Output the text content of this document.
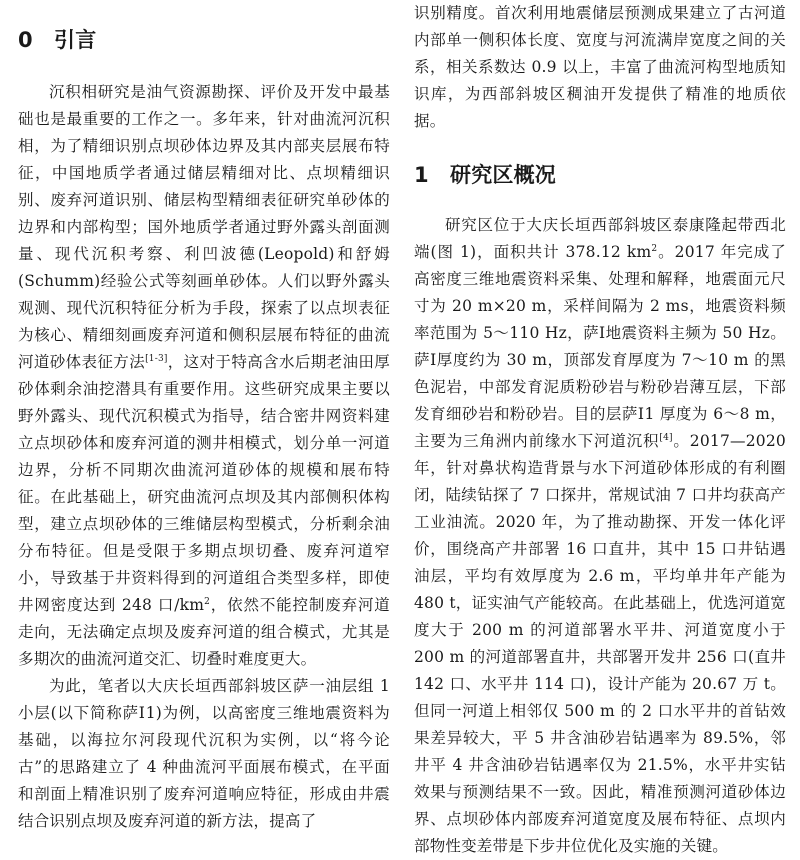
0 引言

沉积相研究是油气资源勘探、评价及开发中最基础也是最重要的工作之一。多年来，针对曲流河沉积相，为了精细识别点坝砂体边界及其内部夹层展布特征，中国地质学者通过储层精细对比、点坝精细识别、废弃河道识别、储层构型精细表征研究单砂体的边界和内部构型；国外地质学者通过野外露头剖面测量、现代沉积考察、利凹波德(Leopold)和舒姆(Schumm)经验公式等刻画单砂体。人们以野外露头观测、现代沉积特征分析为手段，探索了以点坝表征为核心、精细刻画废弃河道和侧积层展布特征的曲流河道砂体表征方法[1-3]，这对于特高含水后期老油田厚砂体剩余油挖潜具有重要作用。这些研究成果主要以野外露头、现代沉积模式为指导，结合密井网资料建立点坝砂体和废弃河道的测井相模式，划分单一河道边界，分析不同期次曲流河道砂体的规模和展布特征。在此基础上，研究曲流河点坝及其内部侧积体构型，建立点坝砂体的三维储层构型模式，分析剩余油分布特征。但是受限于多期点坝切叠、废弃河道窄小，导致基于井资料得到的河道组合类型多样，即使井网密度达到 248 口$/km^2$，依然不能控制废弃河道走向，无法确定点坝及废弃河道的组合模式，尤其是多期次的曲流河道交汇、切叠时难度更大。

为此，笔者以大庆长垣西部斜坡区萨一油层组 1小层(以下简称萨Ⅰ1)为例，以高密度三维地震资料为基础，以海拉尔河段现代沉积为实例，以“将今论古”的思路建立了 4 种曲流河平面展布模式，在平面和剖面上精准识别了废弃河道响应特征，形成由井震结合识别点坝及废弃河道的新方法，提高了

识别精度。首次利用地震储层预测成果建立了古河道内部单一侧积体长度、宽度与河流满岸宽度之间的关系，相关系数达 0.9 以上，丰富了曲流河构型地质知识库，为西部斜坡区稠油开发提供了精准的地质依据。

1 研究区概况

研究区位于大庆长垣西部斜坡区泰康隆起带西北端(图 1)，面积共计 378.12 $km^2$。2017 年完成了高密度三维地震资料采集、处理和解释，地震面元尺寸为 20 m×20 m，采样间隔为 2 ms，地震资料频率范围为 5～110 Hz，萨Ⅰ地震资料主频为 50 Hz。萨Ⅰ厚度约为 30 m，顶部发育厚度为 7～10 m 的黑色泥岩，中部发育泥质粉砂岩与粉砂岩薄互层，下部发育细砂岩和粉砂岩。目的层萨Ⅰ1 厚度为 6～8 m，主要为三角洲内前缘水下河道沉积[4]。2017—2020 年，针对鼻状构造背景与水下河道砂体形成的有利圈闭，陆续钻探了 7 口探井，常规试油 7 口井均获高产工业油流。2020 年，为了推动勘探、开发一体化评价，围绕高产井部署 16 口直井，其中 15 口井钻遇油层，平均有效厚度为 2.6 m，平均单井年产能为 480 t，证实油气产能较高。在此基础上，优选河道宽度大于 200 m 的河道部署水平井、河道宽度小于 200 m 的河道部署直井，共部署开发井 256 口(直井 142 口、水平井 114 口)，设计产能为 20.67 万 t。但同一河道上相邻仅 500 m 的 2 口水平井的首钻效果差异较大，平 5 井含油砂岩钻遇率为 89.5%，邻井平 4 井含油砂岩钻遇率仅为 21.5%，水平井实钻效果与预测结果不一致。因此，精准预测河道砂体边界、点坝砂体内部废弃河道宽度及展布特征、点坝内部物性变差带是下步井位优化及实施的关键。
